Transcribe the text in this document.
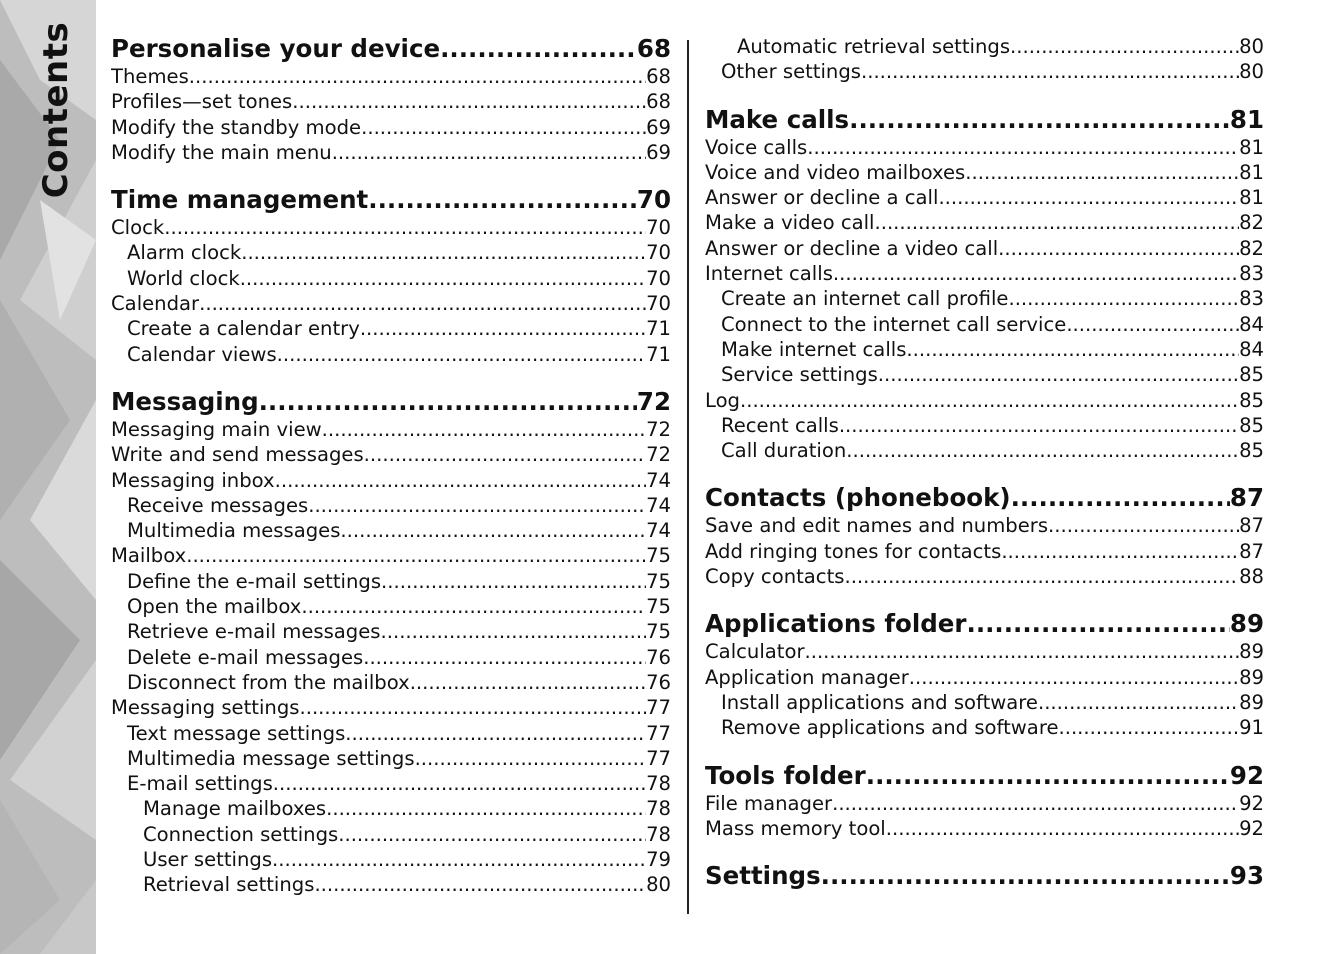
Contents Personalise your device .....	68
Themes .....	68
Profiles—set tones .....	68
Modify the standby mode .....	69
Modify the main menu .....	69
Time management .....	70
Clock .....	70
Alarm clock .....	70
World clock .....	70
Calendar .....	70
Create a calendar entry .....	71
Calendar views .....	71
Messaging .....	72
Messaging main view .....	72
Write and send messages .....	72
Messaging inbox .....	74
Receive messages .....	74
Multimedia messages .....	74
Mailbox .....	75
Define the e-mail settings .....	75
Open the mailbox .....	75
Retrieve e-mail messages .....	75
Delete e-mail messages .....	76
Disconnect from the mailbox .....	76
Messaging settings .....	77
Text message settings .....	77
Multimedia message settings .....	77
E-mail settings .....	78
Manage mailboxes .....	78
Connection settings .....	78
User settings .....	79
Retrieval settings .....	80
Automatic retrieval settings .....	80
Other settings .....	80
Make calls .....	81
Voice calls .....	81
Voice and video mailboxes .....	81
Answer or decline a call .....	81
Make a video call .....	82
Answer or decline a video call .....	82
Internet calls .....	83
Create an internet call profile .....	83
Connect to the internet call service .....	84
Make internet calls .....	84
Service settings .....	85
Log .....	85
Recent calls .....	85
Call duration .....	85
Contacts (phonebook) .....	87
Save and edit names and numbers .....	87
Add ringing tones for contacts .....	87
Copy contacts .....	88
Applications folder .....	89
Calculator .....	89
Application manager .....	89
Install applications and software .....	89
Remove applications and software .....	91
Tools folder .....	92
File manager .....	92
Mass memory tool .....	92
Settings .....	93
